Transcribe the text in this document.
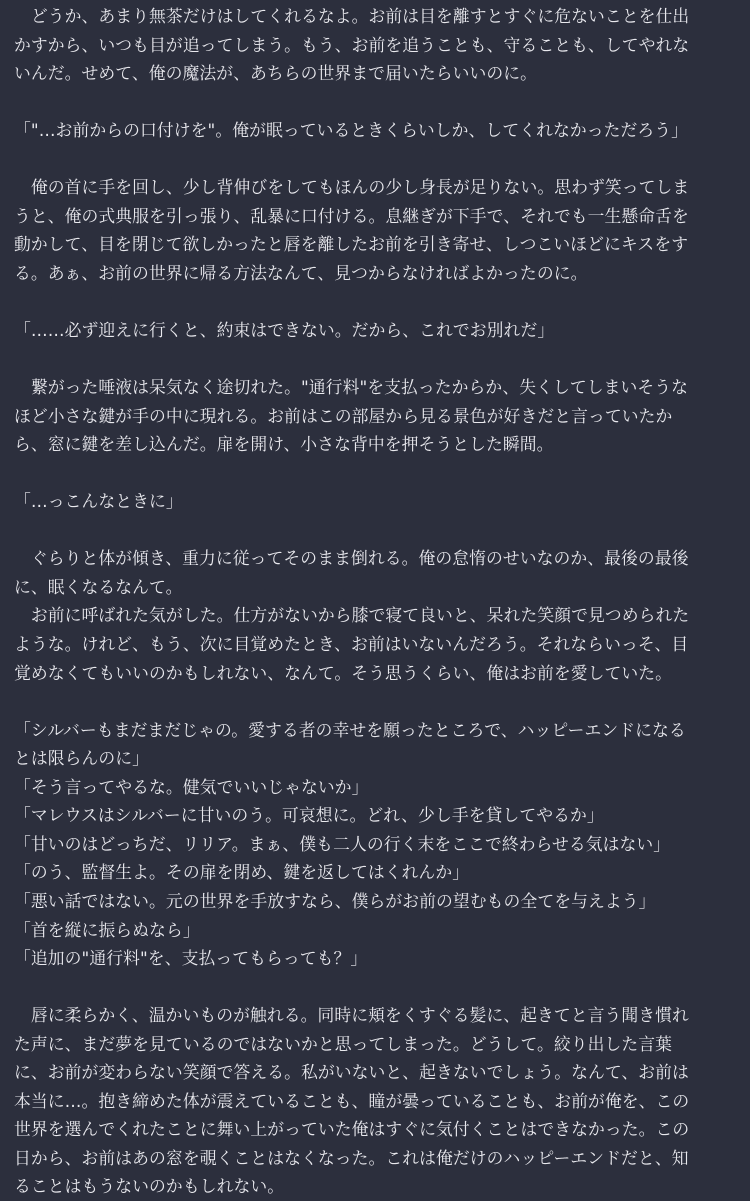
　どうか、あまり無茶だけはしてくれるなよ。お前は目を離すとすぐに危ないことを仕出
かすから、いつも目が追ってしまう。もう、お前を追うことも、守ることも、してやれな
いんだ。せめて、俺の魔法が、あちらの世界まで届いたらいいのに。
「"…お前からの口付けを"。俺が眠っているときくらいしか、してくれなかっただろう」
　俺の首に手を回し、少し背伸びをしてもほんの少し身長が足りない。思わず笑ってしま
うと、俺の式典服を引っ張り、乱暴に口付ける。息継ぎが下手で、それでも一生懸命舌を
動かして、目を閉じて欲しかったと唇を離したお前を引き寄せ、しつこいほどにキスをす
る。あぁ、お前の世界に帰る方法なんて、見つからなければよかったのに。
「……必ず迎えに行くと、約束はできない。だから、これでお別れだ」
　繋がった唾液は呆気なく途切れた。"通行料"を支払ったからか、失くしてしまいそうな
ほど小さな鍵が手の中に現れる。お前はこの部屋から見る景色が好きだと言っていたか
ら、窓に鍵を差し込んだ。扉を開け、小さな背中を押そうとした瞬間。
「…っこんなときに」
　ぐらりと体が傾き、重力に従ってそのまま倒れる。俺の怠惰のせいなのか、最後の最後
に、眠くなるなんて。
　お前に呼ばれた気がした。仕方がないから膝で寝て良いと、呆れた笑顔で見つめられた
ような。けれど、もう、次に目覚めたとき、お前はいないんだろう。それならいっそ、目
覚めなくてもいいのかもしれない、なんて。そう思うくらい、俺はお前を愛していた。
「シルバーもまだまだじゃの。愛する者の幸せを願ったところで、ハッピーエンドになる
とは限らんのに」
「そう言ってやるな。健気でいいじゃないか」
「マレウスはシルバーに甘いのう。可哀想に。どれ、少し手を貸してやるか」
「甘いのはどっちだ、リリア。まぁ、僕も二人の行く末をここで終わらせる気はない」
「のう、監督生よ。その扉を閉め、鍵を返してはくれんか」
「悪い話ではない。元の世界を手放すなら、僕らがお前の望むもの全てを与えよう」
「首を縦に振らぬなら」
「追加の"通行料"を、支払ってもらっても？」
　唇に柔らかく、温かいものが触れる。同時に頬をくすぐる髪に、起きてと言う聞き慣れ
た声に、まだ夢を見ているのではないかと思ってしまった。どうして。絞り出した言葉
に、お前が変わらない笑顔で答える。私がいないと、起きないでしょう。なんて、お前は
本当に…。抱き締めた体が震えていることも、瞳が曇っていることも、お前が俺を、この
世界を選んでくれたことに舞い上がっていた俺はすぐに気付くことはできなかった。この
日から、お前はあの窓を覗くことはなくなった。これは俺だけのハッピーエンドだと、知
ることはもうないのかもしれない。
